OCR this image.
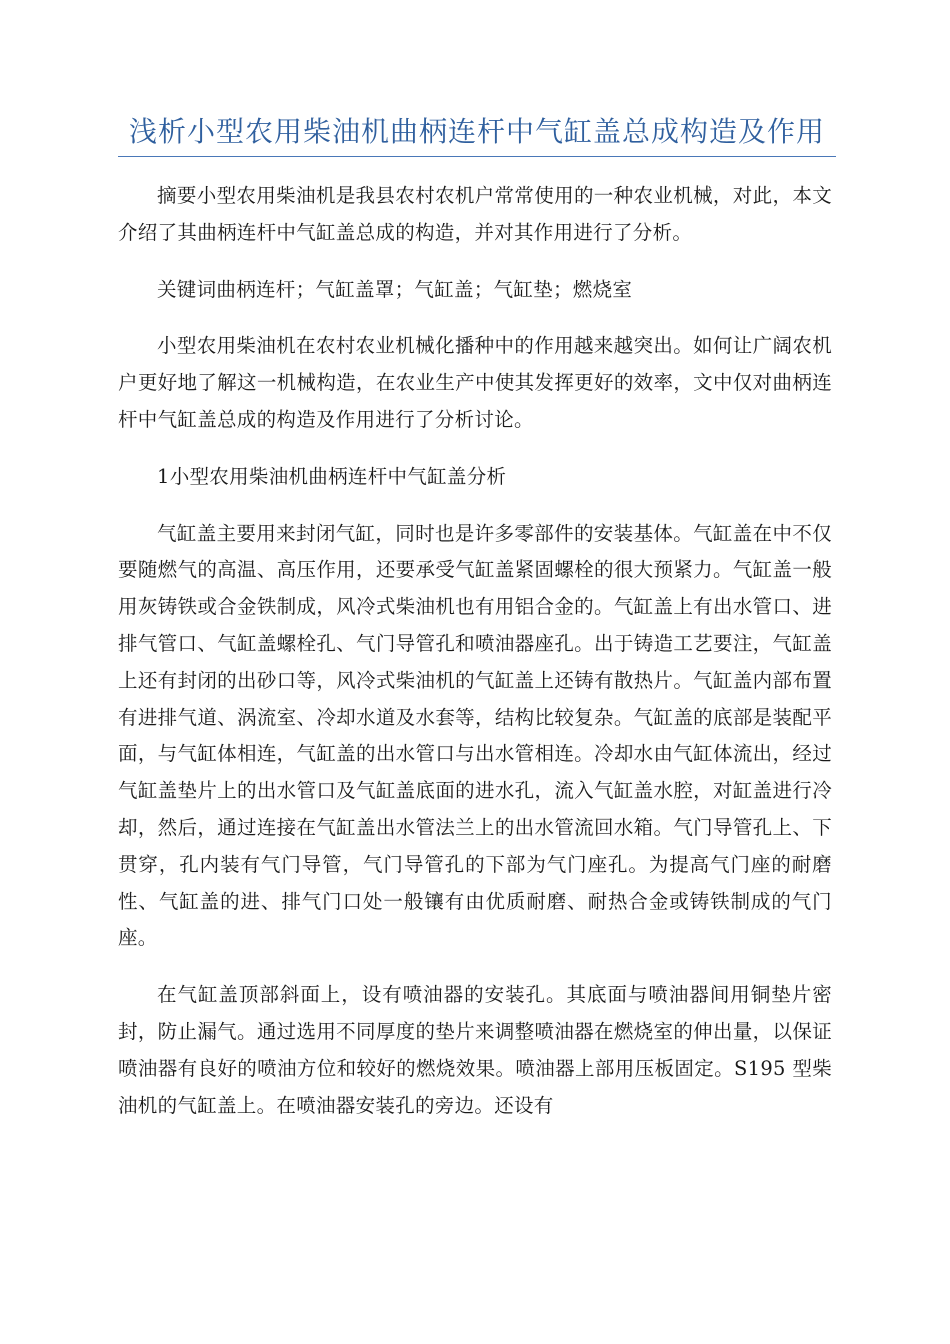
浅析小型农用柴油机曲柄连杆中气缸盖总成构造及作用

摘要小型农用柴油机是我县农村农机户常常使用的一种农业机械，对此，本文介绍了其曲柄连杆中气缸盖总成的构造，并对其作用进行了分析。

关键词曲柄连杆；气缸盖罩；气缸盖；气缸垫；燃烧室

小型农用柴油机在农村农业机械化播种中的作用越来越突出。如何让广阔农机户更好地了解这一机械构造，在农业生产中使其发挥更好的效率，文中仅对曲柄连杆中气缸盖总成的构造及作用进行了分析讨论。

1小型农用柴油机曲柄连杆中气缸盖分析

气缸盖主要用来封闭气缸，同时也是许多零部件的安装基体。气缸盖在中不仅要随燃气的高温、高压作用，还要承受气缸盖紧固螺栓的很大预紧力。气缸盖一般用灰铸铁或合金铁制成，风冷式柴油机也有用铝合金的。气缸盖上有出水管口、进排气管口、气缸盖螺栓孔、气门导管孔和喷油器座孔。出于铸造工艺要注，气缸盖上还有封闭的出砂口等，风冷式柴油机的气缸盖上还铸有散热片。气缸盖内部布置有进排气道、涡流室、冷却水道及水套等，结构比较复杂。气缸盖的底部是装配平面，与气缸体相连，气缸盖的出水管口与出水管相连。冷却水由气缸体流出，经过气缸盖垫片上的出水管口及气缸盖底面的进水孔，流入气缸盖水腔，对缸盖进行冷却，然后，通过连接在气缸盖出水管法兰上的出水管流回水箱。气门导管孔上、下贯穿，孔内装有气门导管，气门导管孔的下部为气门座孔。为提高气门座的耐磨性、气缸盖的进、排气门口处一般镶有由优质耐磨、耐热合金或铸铁制成的气门座。

在气缸盖顶部斜面上，设有喷油器的安装孔。其底面与喷油器间用铜垫片密封，防止漏气。通过选用不同厚度的垫片来调整喷油器在燃烧室的伸出量，以保证喷油器有良好的喷油方位和较好的燃烧效果。喷油器上部用压板固定。S195 型柴油机的气缸盖上。在喷油器安装孔的旁边。还设有
